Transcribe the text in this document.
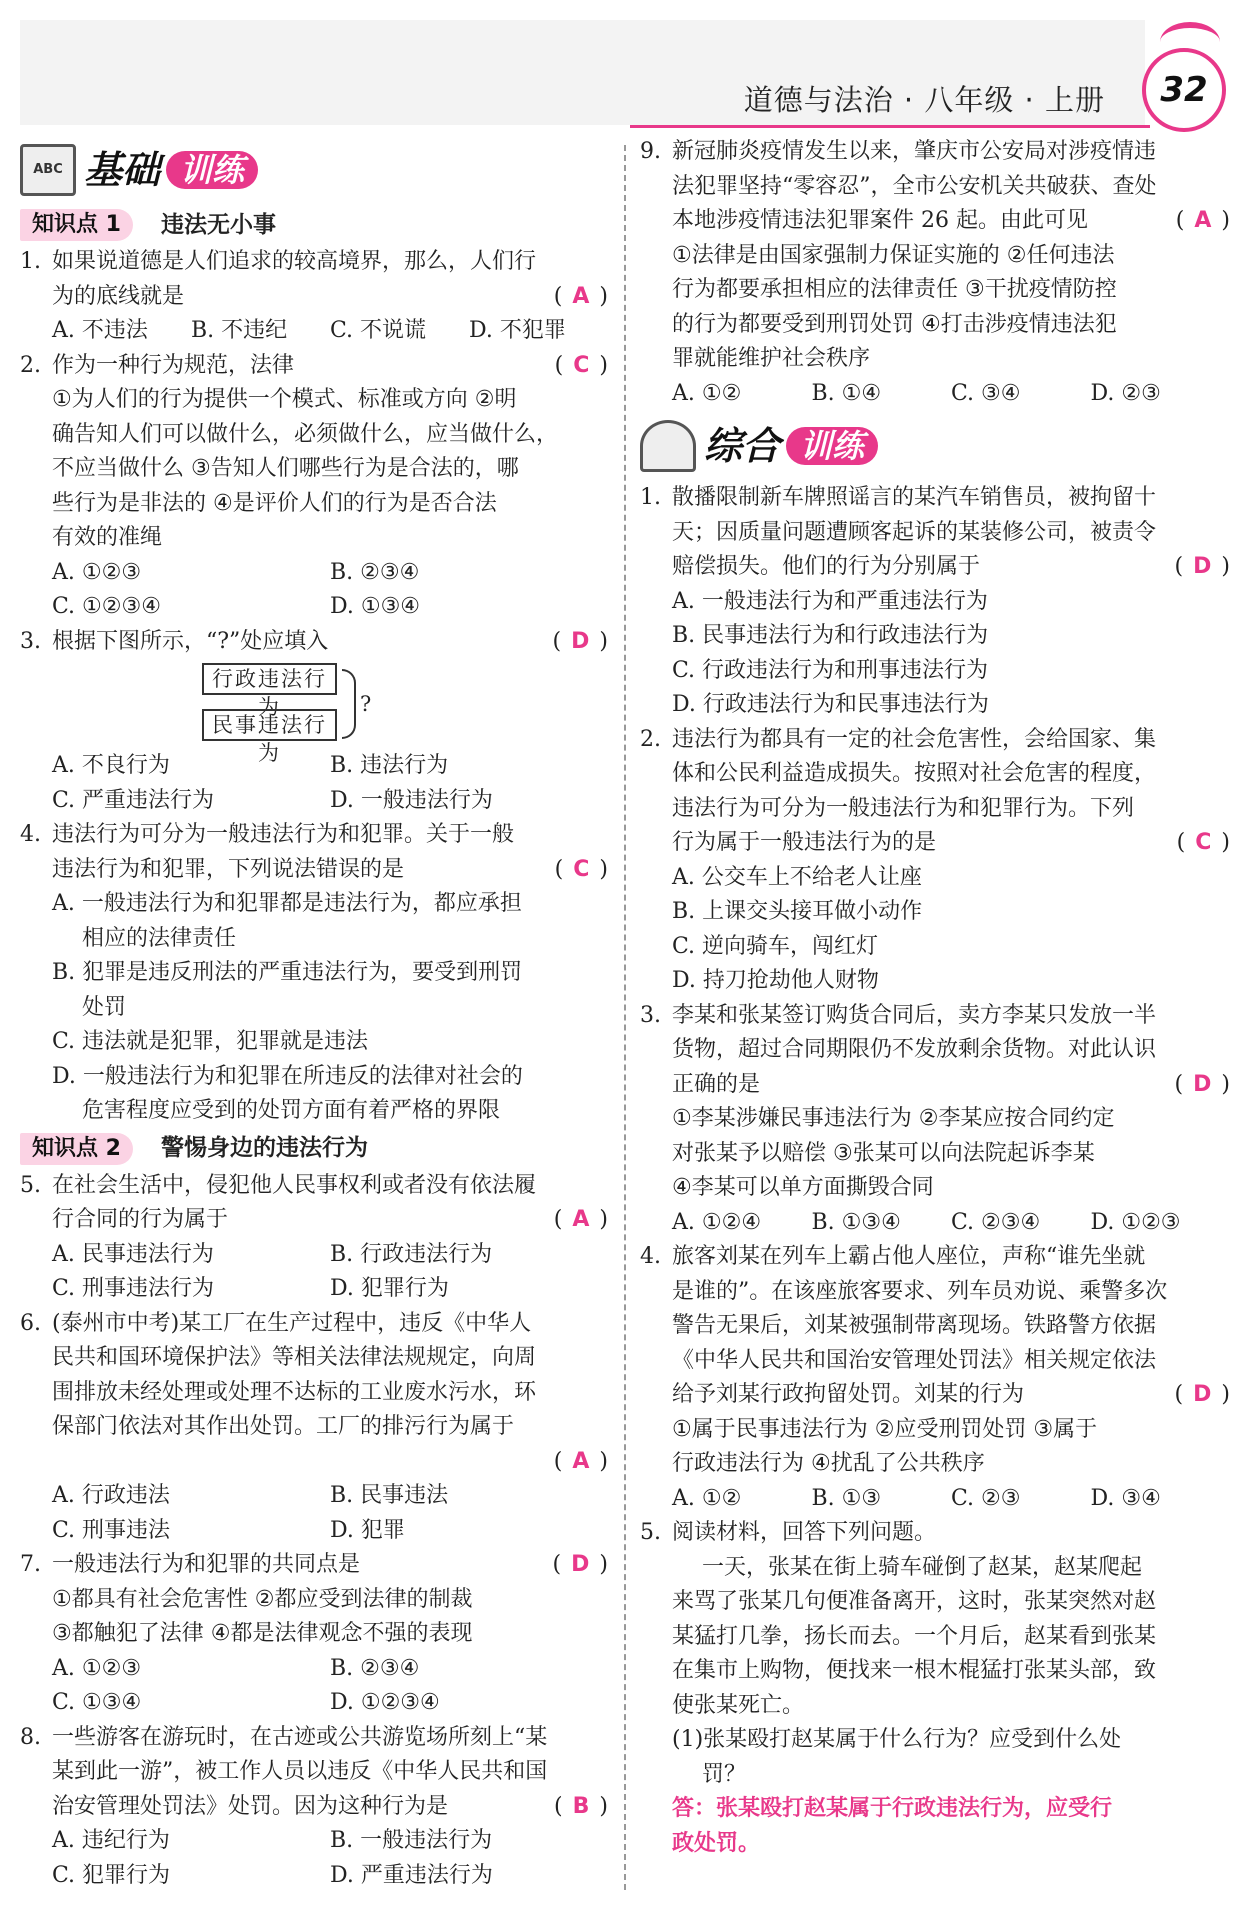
道德与法治 · 八年级 · 上册	32
ABC 基础 训练
知识点 1	违法无小事
1. 如果说道德是人们追求的较高境界，那么，人们行
为的底线就是	( A )
A. 不违法	B. 不违纪	C. 不说谎	D. 不犯罪
2. 作为一种行为规范，法律	( C )
①为人们的行为提供一个模式、标准或方向 ②明
确告知人们可以做什么，必须做什么，应当做什么，
不应当做什么 ③告知人们哪些行为是合法的，哪
些行为是非法的 ④是评价人们的行为是否合法
有效的准绳
A. ①②③	B. ②③④
C. ①②③④	D. ①③④
3. 根据下图所示，“?”处应填入	( D )
行政违法行为
民事违法行为
?
A. 不良行为	B. 违法行为
C. 严重违法行为	D. 一般违法行为
4. 违法行为可分为一般违法行为和犯罪。关于一般
违法行为和犯罪，下列说法错误的是	( C )
A. 一般违法行为和犯罪都是违法行为，都应承担
相应的法律责任
B. 犯罪是违反刑法的严重违法行为，要受到刑罚
处罚
C. 违法就是犯罪，犯罪就是违法
D. 一般违法行为和犯罪在所违反的法律对社会的
危害程度应受到的处罚方面有着严格的界限
知识点 2	警惕身边的违法行为
5. 在社会生活中，侵犯他人民事权利或者没有依法履
行合同的行为属于	( A )
A. 民事违法行为	B. 行政违法行为
C. 刑事违法行为	D. 犯罪行为
6. (泰州市中考)某工厂在生产过程中，违反《中华人
民共和国环境保护法》等相关法律法规规定，向周
围排放未经处理或处理不达标的工业废水污水，环
保部门依法对其作出处罚。工厂的排污行为属于
( A )
A. 行政违法	B. 民事违法
C. 刑事违法	D. 犯罪
7. 一般违法行为和犯罪的共同点是	( D )
①都具有社会危害性 ②都应受到法律的制裁
③都触犯了法律 ④都是法律观念不强的表现
A. ①②③	B. ②③④
C. ①③④	D. ①②③④
8. 一些游客在游玩时，在古迹或公共游览场所刻上“某
某到此一游”，被工作人员以违反《中华人民共和国
治安管理处罚法》处罚。因为这种行为是	( B )
A. 违纪行为	B. 一般违法行为
C. 犯罪行为	D. 严重违法行为
9. 新冠肺炎疫情发生以来，肇庆市公安局对涉疫情违
法犯罪坚持“零容忍”，全市公安机关共破获、查处
本地涉疫情违法犯罪案件 26 起。由此可见	( A )
①法律是由国家强制力保证实施的 ②任何违法
行为都要承担相应的法律责任 ③干扰疫情防控
的行为都要受到刑罚处罚 ④打击涉疫情违法犯
罪就能维护社会秩序
A. ①②	B. ①④	C. ③④	D. ②③
综合 训练
1. 散播限制新车牌照谣言的某汽车销售员，被拘留十
天；因质量问题遭顾客起诉的某装修公司，被责令
赔偿损失。他们的行为分别属于	( D )
A. 一般违法行为和严重违法行为
B. 民事违法行为和行政违法行为
C. 行政违法行为和刑事违法行为
D. 行政违法行为和民事违法行为
2. 违法行为都具有一定的社会危害性，会给国家、集
体和公民利益造成损失。按照对社会危害的程度，
违法行为可分为一般违法行为和犯罪行为。下列
行为属于一般违法行为的是	( C )
A. 公交车上不给老人让座
B. 上课交头接耳做小动作
C. 逆向骑车，闯红灯
D. 持刀抢劫他人财物
3. 李某和张某签订购货合同后，卖方李某只发放一半
货物，超过合同期限仍不发放剩余货物。对此认识
正确的是	( D )
①李某涉嫌民事违法行为 ②李某应按合同约定
对张某予以赔偿 ③张某可以向法院起诉李某
④李某可以单方面撕毁合同
A. ①②④	B. ①③④	C. ②③④	D. ①②③
4. 旅客刘某在列车上霸占他人座位，声称“谁先坐就
是谁的”。在该座旅客要求、列车员劝说、乘警多次
警告无果后，刘某被强制带离现场。铁路警方依据
《中华人民共和国治安管理处罚法》相关规定依法
给予刘某行政拘留处罚。刘某的行为	( D )
①属于民事违法行为 ②应受刑罚处罚 ③属于
行政违法行为 ④扰乱了公共秩序
A. ①②	B. ①③	C. ②③	D. ③④
5. 阅读材料，回答下列问题。
一天，张某在街上骑车碰倒了赵某，赵某爬起
来骂了张某几句便准备离开，这时，张某突然对赵
某猛打几拳，扬长而去。一个月后，赵某看到张某
在集市上购物，便找来一根木棍猛打张某头部，致
使张某死亡。
(1)张某殴打赵某属于什么行为？应受到什么处
罚？
答：张某殴打赵某属于行政违法行为，应受行
政处罚。
